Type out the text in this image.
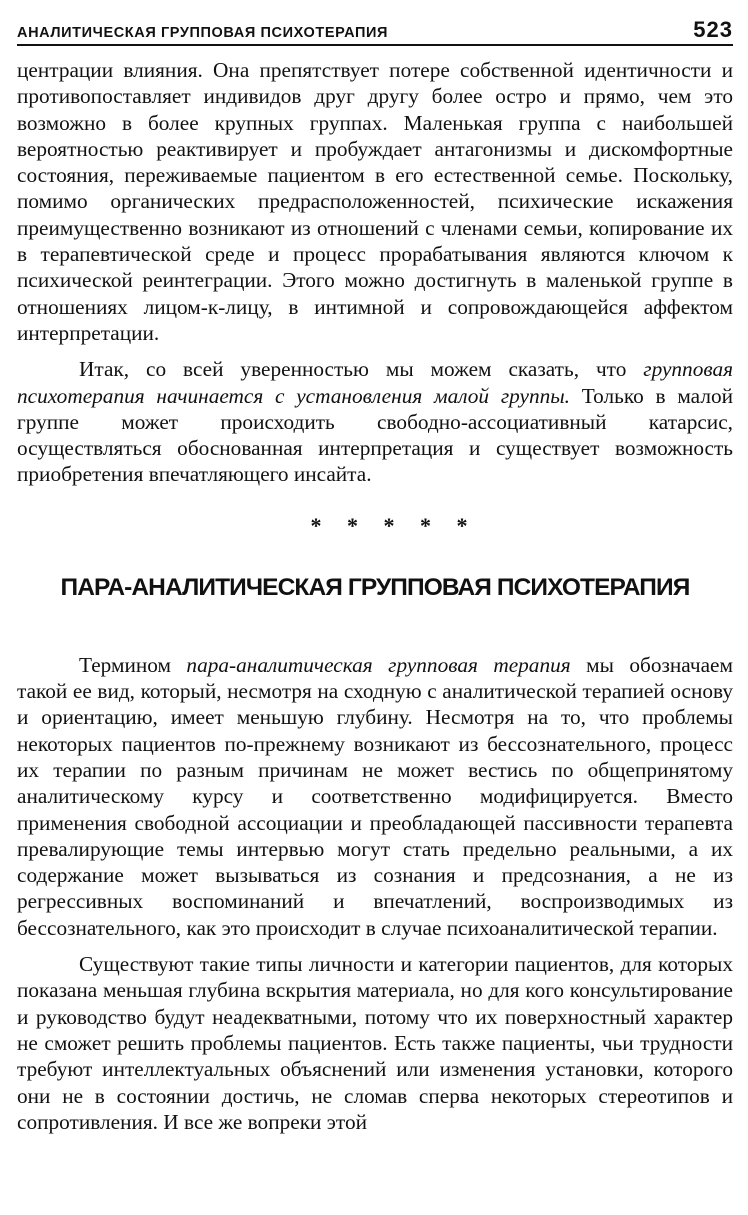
АНАЛИТИЧЕСКАЯ ГРУППОВАЯ ПСИХОТЕРАПИЯ	523

центрации влияния. Она препятствует потере собственной идентичности и противопоставляет индивидов друг другу более остро и прямо, чем это возможно в более крупных группах. Маленькая группа с наибольшей вероятностью реактивирует и пробуждает антагонизмы и дискомфортные состояния, переживаемые пациентом в его естественной семье. Поскольку, помимо органических предрасположенностей, психические искажения преимущественно возникают из отношений с членами семьи, копирование их в терапевтической среде и процесс прорабатывания являются ключом к психической реинтеграции. Этого можно достигнуть в маленькой группе в отношениях лицом-к-лицу, в интимной и сопровождающейся аффектом интерпретации.

Итак, со всей уверенностью мы можем сказать, что групповая психотерапия начинается с установления малой группы. Только в малой группе может происходить свободно-ассоциативный катарсис, осуществляться обоснованная интерпретация и существует возможность приобретения впечатляющего инсайта.

* * * * *
ПАРА-АНАЛИТИЧЕСКАЯ ГРУППОВАЯ ПСИХОТЕРАПИЯ

Термином пара-аналитическая групповая терапия мы обозначаем такой ее вид, который, несмотря на сходную с аналитической терапией основу и ориентацию, имеет меньшую глубину. Несмотря на то, что проблемы некоторых пациентов по-прежнему возникают из бессознательного, процесс их терапии по разным причинам не может вестись по общепринятому аналитическому курсу и соответственно модифицируется. Вместо применения свободной ассоциации и преобладающей пассивности терапевта превалирующие темы интервью могут стать предельно реальными, а их содержание может вызываться из сознания и предсознания, а не из регрессивных воспоминаний и впечатлений, воспроизводимых из бессознательного, как это происходит в случае психоаналитической терапии.

Существуют такие типы личности и категории пациентов, для которых показана меньшая глубина вскрытия материала, но для кого консультирование и руководство будут неадекватными, потому что их поверхностный характер не сможет решить проблемы пациентов. Есть также пациенты, чьи трудности требуют интеллектуальных объяснений или изменения установки, которого они не в состоянии достичь, не сломав сперва некоторых стереотипов и сопротивления. И все же вопреки этой
